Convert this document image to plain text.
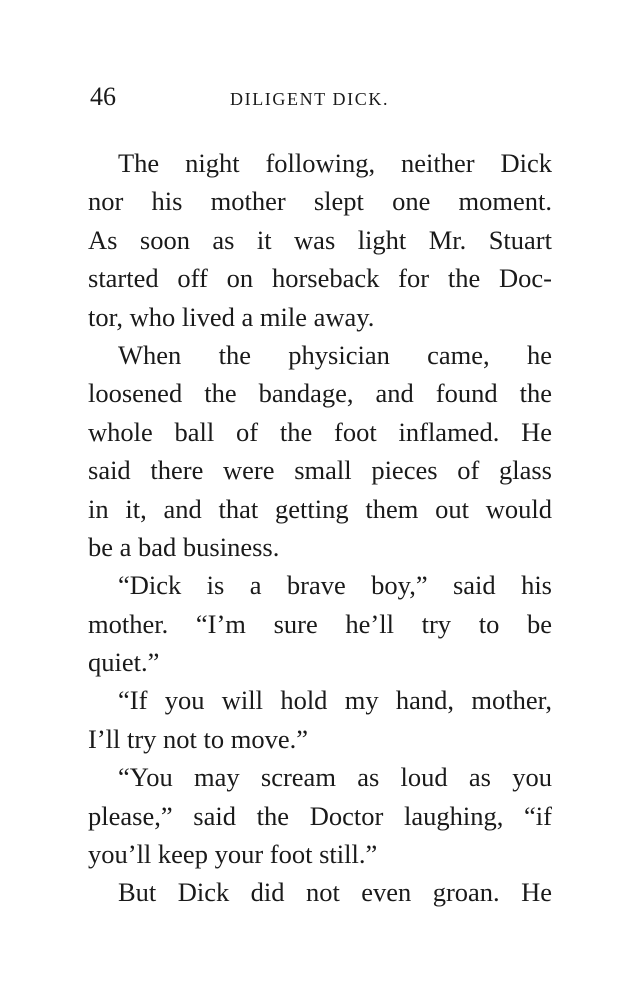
46	DILIGENT DICK.
The night following, neither Dick
nor his mother slept one moment.
As soon as it was light Mr. Stuart
started off on horseback for the Doc-
tor, who lived a mile away.
When the physician came, he
loosened the bandage, and found the
whole ball of the foot inflamed. He
said there were small pieces of glass
in it, and that getting them out would
be a bad business.
“Dick is a brave boy,” said his
mother. “I’m sure he’ll try to be
quiet.”
“If you will hold my hand, mother,
I’ll try not to move.”
“You may scream as loud as you
please,” said the Doctor laughing, “if
you’ll keep your foot still.”
But Dick did not even groan. He
